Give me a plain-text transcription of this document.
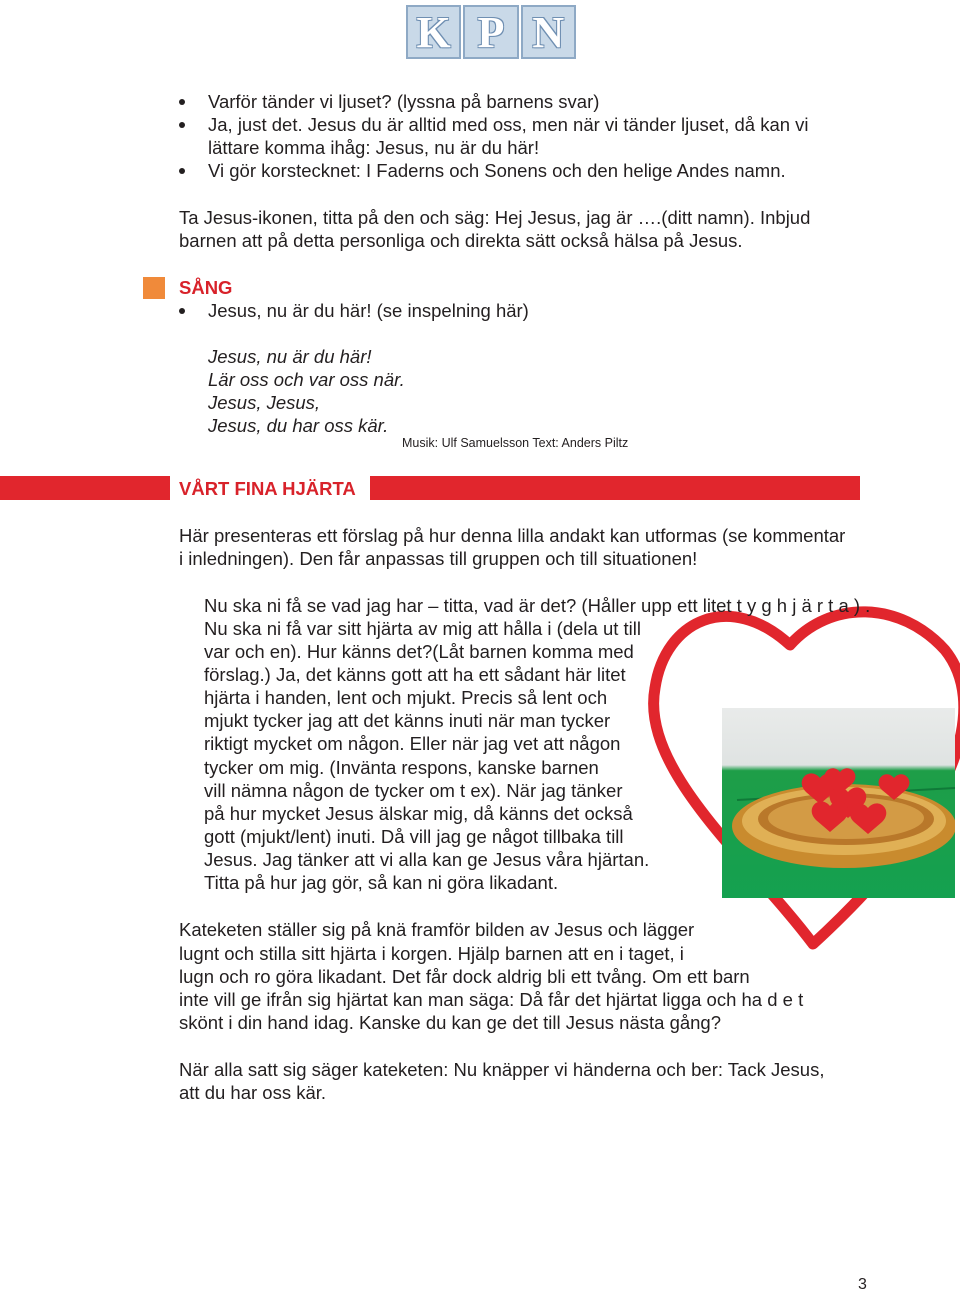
K P N
Varför tänder vi ljuset? (lyssna på barnens svar)
Ja, just det. Jesus du är alltid med oss, men när vi tänder ljuset, då kan vi
lättare komma ihåg: Jesus, nu är du här!
Vi gör korstecknet: I Faderns och Sonens och den helige Andes namn.
Ta Jesus-ikonen, titta på den och säg: Hej Jesus, jag är ….(ditt namn). Inbjud
barnen att på detta personliga och direkta sätt också hälsa på Jesus.
SÅNG
Jesus, nu är du här! (se inspelning här)
Jesus, nu är du här!
Lär oss och var oss när.
Jesus, Jesus,
Jesus, du har oss kär.
Musik: Ulf Samuelsson Text: Anders Piltz
VÅRT FINA HJÄRTA
Här presenteras ett förslag på hur denna lilla andakt kan utformas (se kommentar
i inledningen). Den får anpassas till gruppen och till situationen!
Nu ska ni få se vad jag har – titta, vad är det? (Håller upp ett litet t y g h j ä r t a ) .
Nu ska ni få var sitt hjärta av mig att hålla i (dela ut till
var och en). Hur känns det?(Låt barnen komma med
förslag.) Ja, det känns gott att ha ett sådant här litet
hjärta i handen, lent och mjukt. Precis så lent och
mjukt tycker jag att det känns inuti när man tycker
riktigt mycket om någon. Eller när jag vet att någon
tycker om mig. (Invänta respons, kanske barnen
vill nämna någon de tycker om t ex). När jag tänker
på hur mycket Jesus älskar mig, då känns det också
gott (mjukt/lent) inuti. Då vill jag ge något tillbaka till
Jesus. Jag tänker att vi alla kan ge Jesus våra hjärtan.
Titta på hur jag gör, så kan ni göra likadant.
Kateketen ställer sig på knä framför bilden av Jesus och lägger
lugnt och stilla sitt hjärta i korgen. Hjälp barnen att en i taget, i
lugn och ro göra likadant. Det får dock aldrig bli ett tvång. Om ett barn
inte vill ge ifrån sig hjärtat kan man säga: Då får det hjärtat ligga och ha d e t
skönt i din hand idag. Kanske du kan ge det till Jesus nästa gång?
När alla satt sig säger kateketen: Nu knäpper vi händerna och ber: Tack Jesus,
att du har oss kär.
3
